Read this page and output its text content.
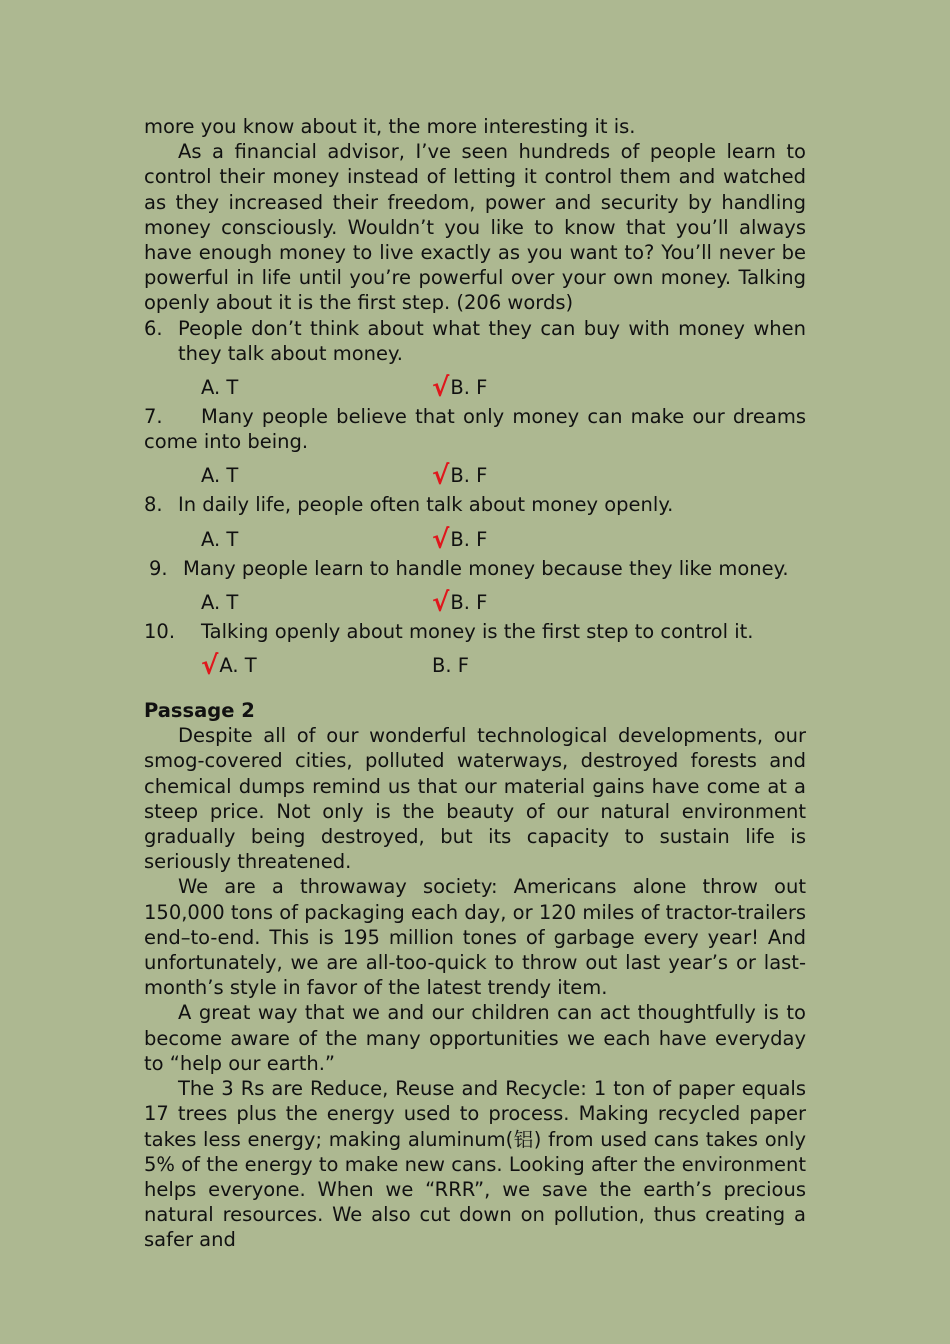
more you know about it, the more interesting it is.

As a financial advisor, I’ve seen hundreds of people learn to control their money instead of letting it control them and watched as they increased their freedom, power and security by handling money consciously. Wouldn’t you like to know that you’ll always have enough money to live exactly as you want to? You’ll never be powerful in life until you’re powerful over your own money. Talking openly about it is the first step. (206 words)

6. People don’t think about what they can buy with money when they talk about money.
A. T	√B. F

7. Many people believe that only money can make our dreams come into being.

A. T	√B. F
8. In daily life, people often talk about money openly.
A. T	√B. F
9. Many people learn to handle money because they like money.
A. T	√B. F

10. Talking openly about money is the first step to control it.

√A. T	B. F

Passage 2

Despite all of our wonderful technological developments, our smog-covered cities, polluted waterways, destroyed forests and chemical dumps remind us that our material gains have come at a steep price. Not only is the beauty of our natural environment gradually being destroyed, but its capacity to sustain life is seriously threatened.

We are a throwaway society: Americans alone throw out 150,000 tons of packaging each day, or 120 miles of tractor-trailers end–to-end. This is 195 million tones of garbage every year! And unfortunately, we are all-too-quick to throw out last year’s or last-month’s style in favor of the latest trendy item.

A great way that we and our children can act thoughtfully is to become aware of the many opportunities we each have everyday to “help our earth.”

The 3 Rs are Reduce, Reuse and Recycle: 1 ton of paper equals 17 trees plus the energy used to process. Making recycled paper takes less energy; making aluminum(铝) from used cans takes only 5% of the energy to make new cans. Looking after the environment helps everyone. When we “RRR”, we save the earth’s precious natural resources. We also cut down on pollution, thus creating a safer and
